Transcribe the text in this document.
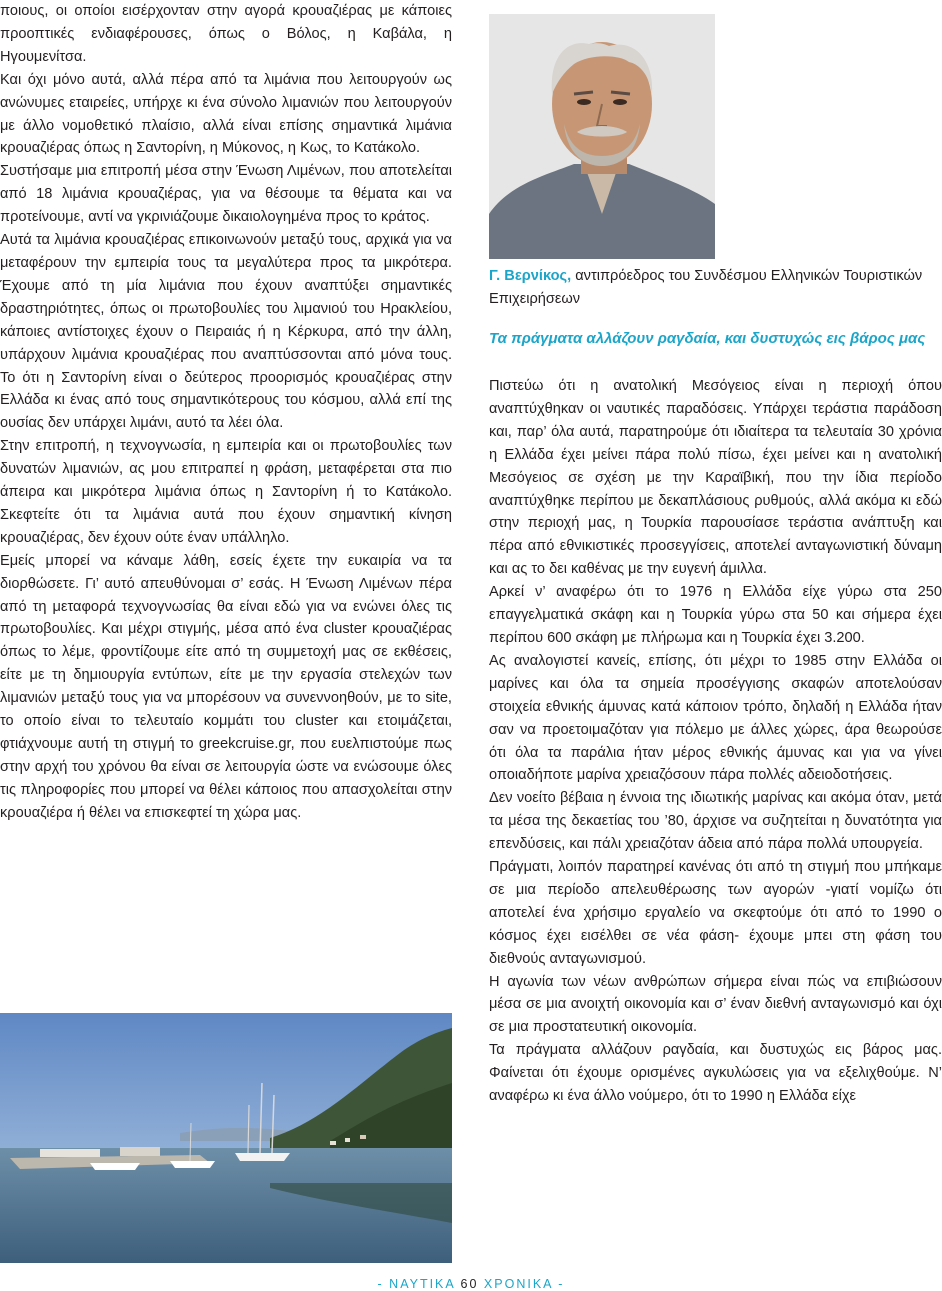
ποιους, οι οποίοι εισέρχονταν στην αγορά κρουαζιέρας με κάποιες προοπτικές ενδιαφέρουσες, όπως ο Βόλος, η Καβάλα, η Ηγουμενίτσα.

Και όχι μόνο αυτά, αλλά πέρα από τα λιμάνια που λειτουργούν ως ανώνυμες εταιρείες, υπήρχε κι ένα σύνολο λιμανιών που λειτουργούν με άλλο νομοθετικό πλαίσιο, αλλά είναι επίσης σημαντικά λιμάνια κρουαζιέρας όπως η Σαντορίνη, η Μύκονος, η Κως, το Κατάκολο.

Συστήσαμε μια επιτροπή μέσα στην Ένωση Λιμένων, που αποτελείται από 18 λιμάνια κρουαζιέρας, για να θέσουμε τα θέματα και να προτείνουμε, αντί να γκρινιάζουμε δικαιολογημένα προς το κράτος.

Αυτά τα λιμάνια κρουαζιέρας επικοινωνούν μεταξύ τους, αρχικά για να μεταφέρουν την εμπειρία τους τα μεγαλύτερα προς τα μικρότερα. Έχουμε από τη μία λιμάνια που έχουν αναπτύξει σημαντικές δραστηριότητες, όπως οι πρωτοβουλίες του λιμανιού του Ηρακλείου, κάποιες αντίστοιχες έχουν ο Πειραιάς ή η Κέρκυρα, από την άλλη, υπάρχουν λιμάνια κρουαζιέρας που αναπτύσσονται από μόνα τους. Το ότι η Σαντορίνη είναι ο δεύτερος προορισμός κρουαζιέρας στην Ελλάδα κι ένας από τους σημαντικότερους του κόσμου, αλλά επί της ουσίας δεν υπάρχει λιμάνι, αυτό τα λέει όλα.

Στην επιτροπή, η τεχνογνωσία, η εμπειρία και οι πρωτοβουλίες των δυνατών λιμανιών, ας μου επιτραπεί η φράση, μεταφέρεται στα πιο άπειρα και μικρότερα λιμάνια όπως η Σαντορίνη ή το Κατάκολο. Σκεφτείτε ότι τα λιμάνια αυτά που έχουν σημαντική κίνηση κρουαζιέρας, δεν έχουν ούτε έναν υπάλληλο.

Εμείς μπορεί να κάναμε λάθη, εσείς έχετε την ευκαιρία να τα διορθώσετε. Γι’ αυτό απευθύνομαι σ’ εσάς. Η Ένωση Λιμένων πέρα από τη μεταφορά τεχνογνωσίας θα είναι εδώ για να ενώνει όλες τις πρωτοβουλίες. Και μέχρι στιγμής, μέσα από ένα cluster κρουαζιέρας όπως το λέμε, φροντίζουμε είτε από τη συμμετοχή μας σε εκθέσεις, είτε με τη δημιουργία εντύπων, είτε με την εργασία στελεχών των λιμανιών μεταξύ τους για να μπορέσουν να συνεννοηθούν, με το site, το οποίο είναι το τελευταίο κομμάτι του cluster και ετοιμάζεται, φτιάχνουμε αυτή τη στιγμή το greekcruise.gr, που ευελπιστούμε πως στην αρχή του χρόνου θα είναι σε λειτουργία ώστε να ενώσουμε όλες τις πληροφορίες που μπορεί να θέλει κάποιος που απασχολείται στην κρουαζιέρα ή θέλει να επισκεφτεί τη χώρα μας.

Γ. Βερνίκος, αντιπρόεδρος του Συνδέσμου Ελληνικών Τουριστικών Επιχειρήσεων
Τα πράγματα αλλάζουν ραγδαία, και δυστυχώς εις βάρος μας

Πιστεύω ότι η ανατολική Μεσόγειος είναι η περιοχή όπου αναπτύχθηκαν οι ναυτικές παραδόσεις. Υπάρχει τεράστια παράδοση και, παρ’ όλα αυτά, παρατηρούμε ότι ιδιαίτερα τα τελευταία 30 χρόνια η Ελλάδα έχει μείνει πάρα πολύ πίσω, έχει μείνει και η ανατολική Μεσόγειος σε σχέση με την Καραϊβική, που την ίδια περίοδο αναπτύχθηκε περίπου με δεκαπλάσιους ρυθμούς, αλλά ακόμα κι εδώ στην περιοχή μας, η Τουρκία παρουσίασε τεράστια ανάπτυξη και πέρα από εθνικιστικές προσεγγίσεις, αποτελεί ανταγωνιστική δύναμη και ας το δει καθένας με την ευγενή άμιλλα.

Αρκεί ν’ αναφέρω ότι το 1976 η Ελλάδα είχε γύρω στα 250 επαγγελματικά σκάφη και η Τουρκία γύρω στα 50 και σήμερα έχει περίπου 600 σκάφη με πλήρωμα και η Τουρκία έχει 3.200.

Ας αναλογιστεί κανείς, επίσης, ότι μέχρι το 1985 στην Ελλάδα οι μαρίνες και όλα τα σημεία προσέγγισης σκαφών αποτελούσαν στοιχεία εθνικής άμυνας κατά κάποιον τρόπο, δηλαδή η Ελλάδα ήταν σαν να προετοιμαζόταν για πόλεμο με άλλες χώρες, άρα θεωρούσε ότι όλα τα παράλια ήταν μέρος εθνικής άμυνας και για να γίνει οποιαδήποτε μαρίνα χρειαζόσουν πάρα πολλές αδειοδοτήσεις.

Δεν νοείτο βέβαια η έννοια της ιδιωτικής μαρίνας και ακόμα όταν, μετά τα μέσα της δεκαετίας του ’80, άρχισε να συζητείται η δυνατότητα για επενδύσεις, και πάλι χρειαζόταν άδεια από πάρα πολλά υπουργεία.

Πράγματι, λοιπόν παρατηρεί κανένας ότι από τη στιγμή που μπήκαμε σε μια περίοδο απελευθέρωσης των αγορών -γιατί νομίζω ότι αποτελεί ένα χρήσιμο εργαλείο να σκεφτούμε ότι από το 1990 ο κόσμος έχει εισέλθει σε νέα φάση- έχουμε μπει στη φάση του διεθνούς ανταγωνισμού.

Η αγωνία των νέων ανθρώπων σήμερα είναι πώς να επιβιώσουν μέσα σε μια ανοιχτή οικονομία και σ’ έναν διεθνή ανταγωνισμό και όχι σε μια προστατευτική οικονομία.

Τα πράγματα αλλάζουν ραγδαία, και δυστυχώς εις βάρος μας. Φαίνεται ότι έχουμε ορισμένες αγκυλώσεις για να εξελιχθούμε. Ν’ αναφέρω κι ένα άλλο νούμερο, ότι το 1990 η Ελλάδα είχε

- ΝΑΥΤΙΚΑ 60 ΧΡΟΝΙΚΑ -
